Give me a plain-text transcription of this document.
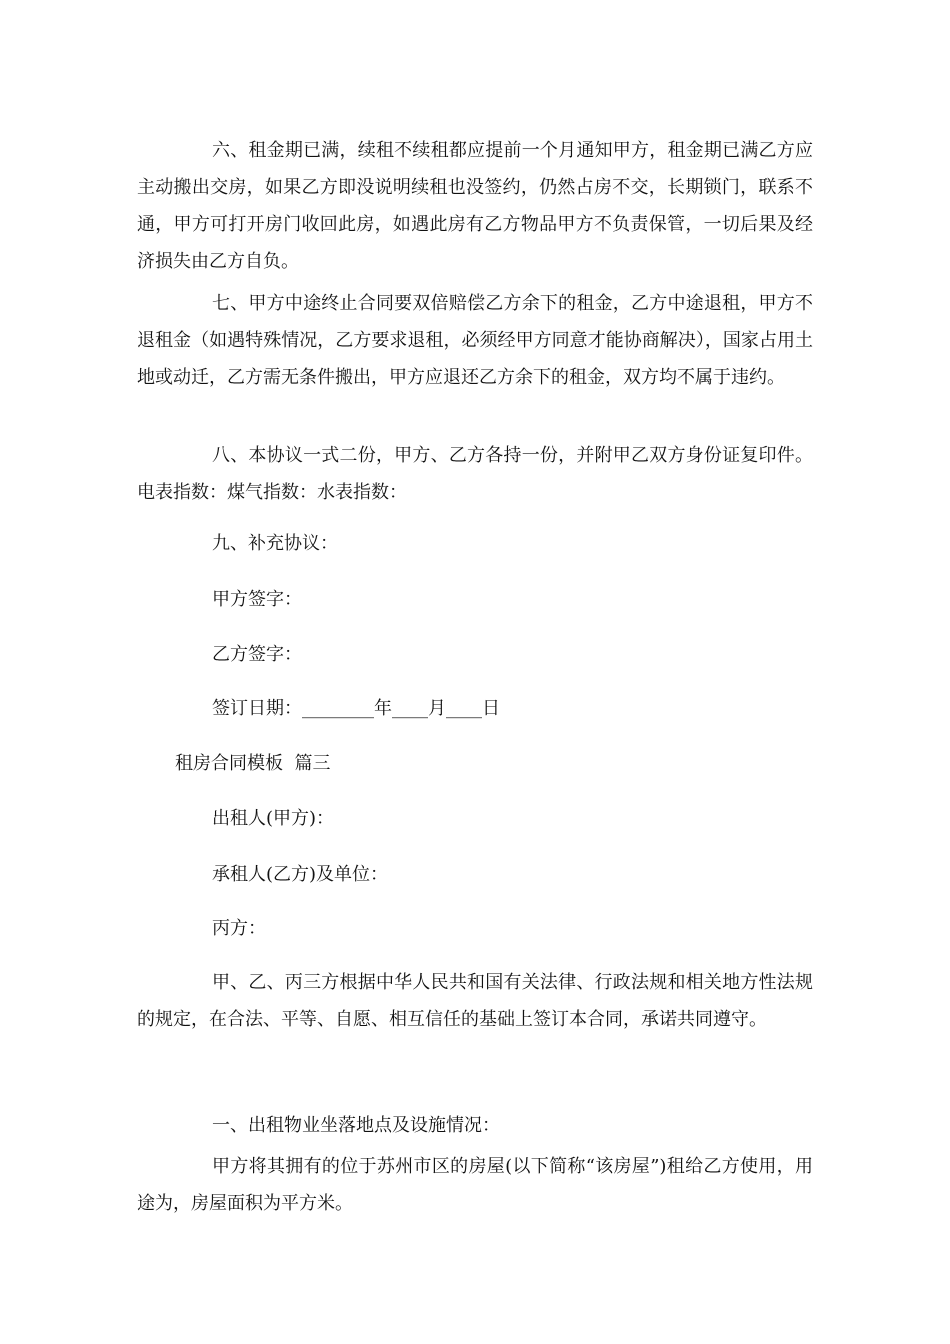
六、租金期已满，续租不续租都应提前一个月通知甲方，租金期已满乙方应主动搬出交房，如果乙方即没说明续租也没签约，仍然占房不交，长期锁门，联系不通，甲方可打开房门收回此房，如遇此房有乙方物品甲方不负责保管，一切后果及经济损失由乙方自负。

七、甲方中途终止合同要双倍赔偿乙方余下的租金，乙方中途退租，甲方不退租金（如遇特殊情况，乙方要求退租，必须经甲方同意才能协商解决），国家占用土地或动迁，乙方需无条件搬出，甲方应退还乙方余下的租金，双方均不属于违约。

八、本协议一式二份，甲方、乙方各持一份，并附甲乙双方身份证复印件。电表指数：煤气指数：水表指数：

九、补充协议：

甲方签字：

乙方签字：

签订日期：________年____月____日

租房合同模板  篇三

出租人(甲方)：

承租人(乙方)及单位：

丙方：

甲、乙、丙三方根据中华人民共和国有关法律、行政法规和相关地方性法规的规定，在合法、平等、自愿、相互信任的基础上签订本合同，承诺共同遵守。

一、出租物业坐落地点及设施情况：

甲方将其拥有的位于苏州市区的房屋(以下简称“该房屋”)租给乙方使用，用途为，房屋面积为平方米。
